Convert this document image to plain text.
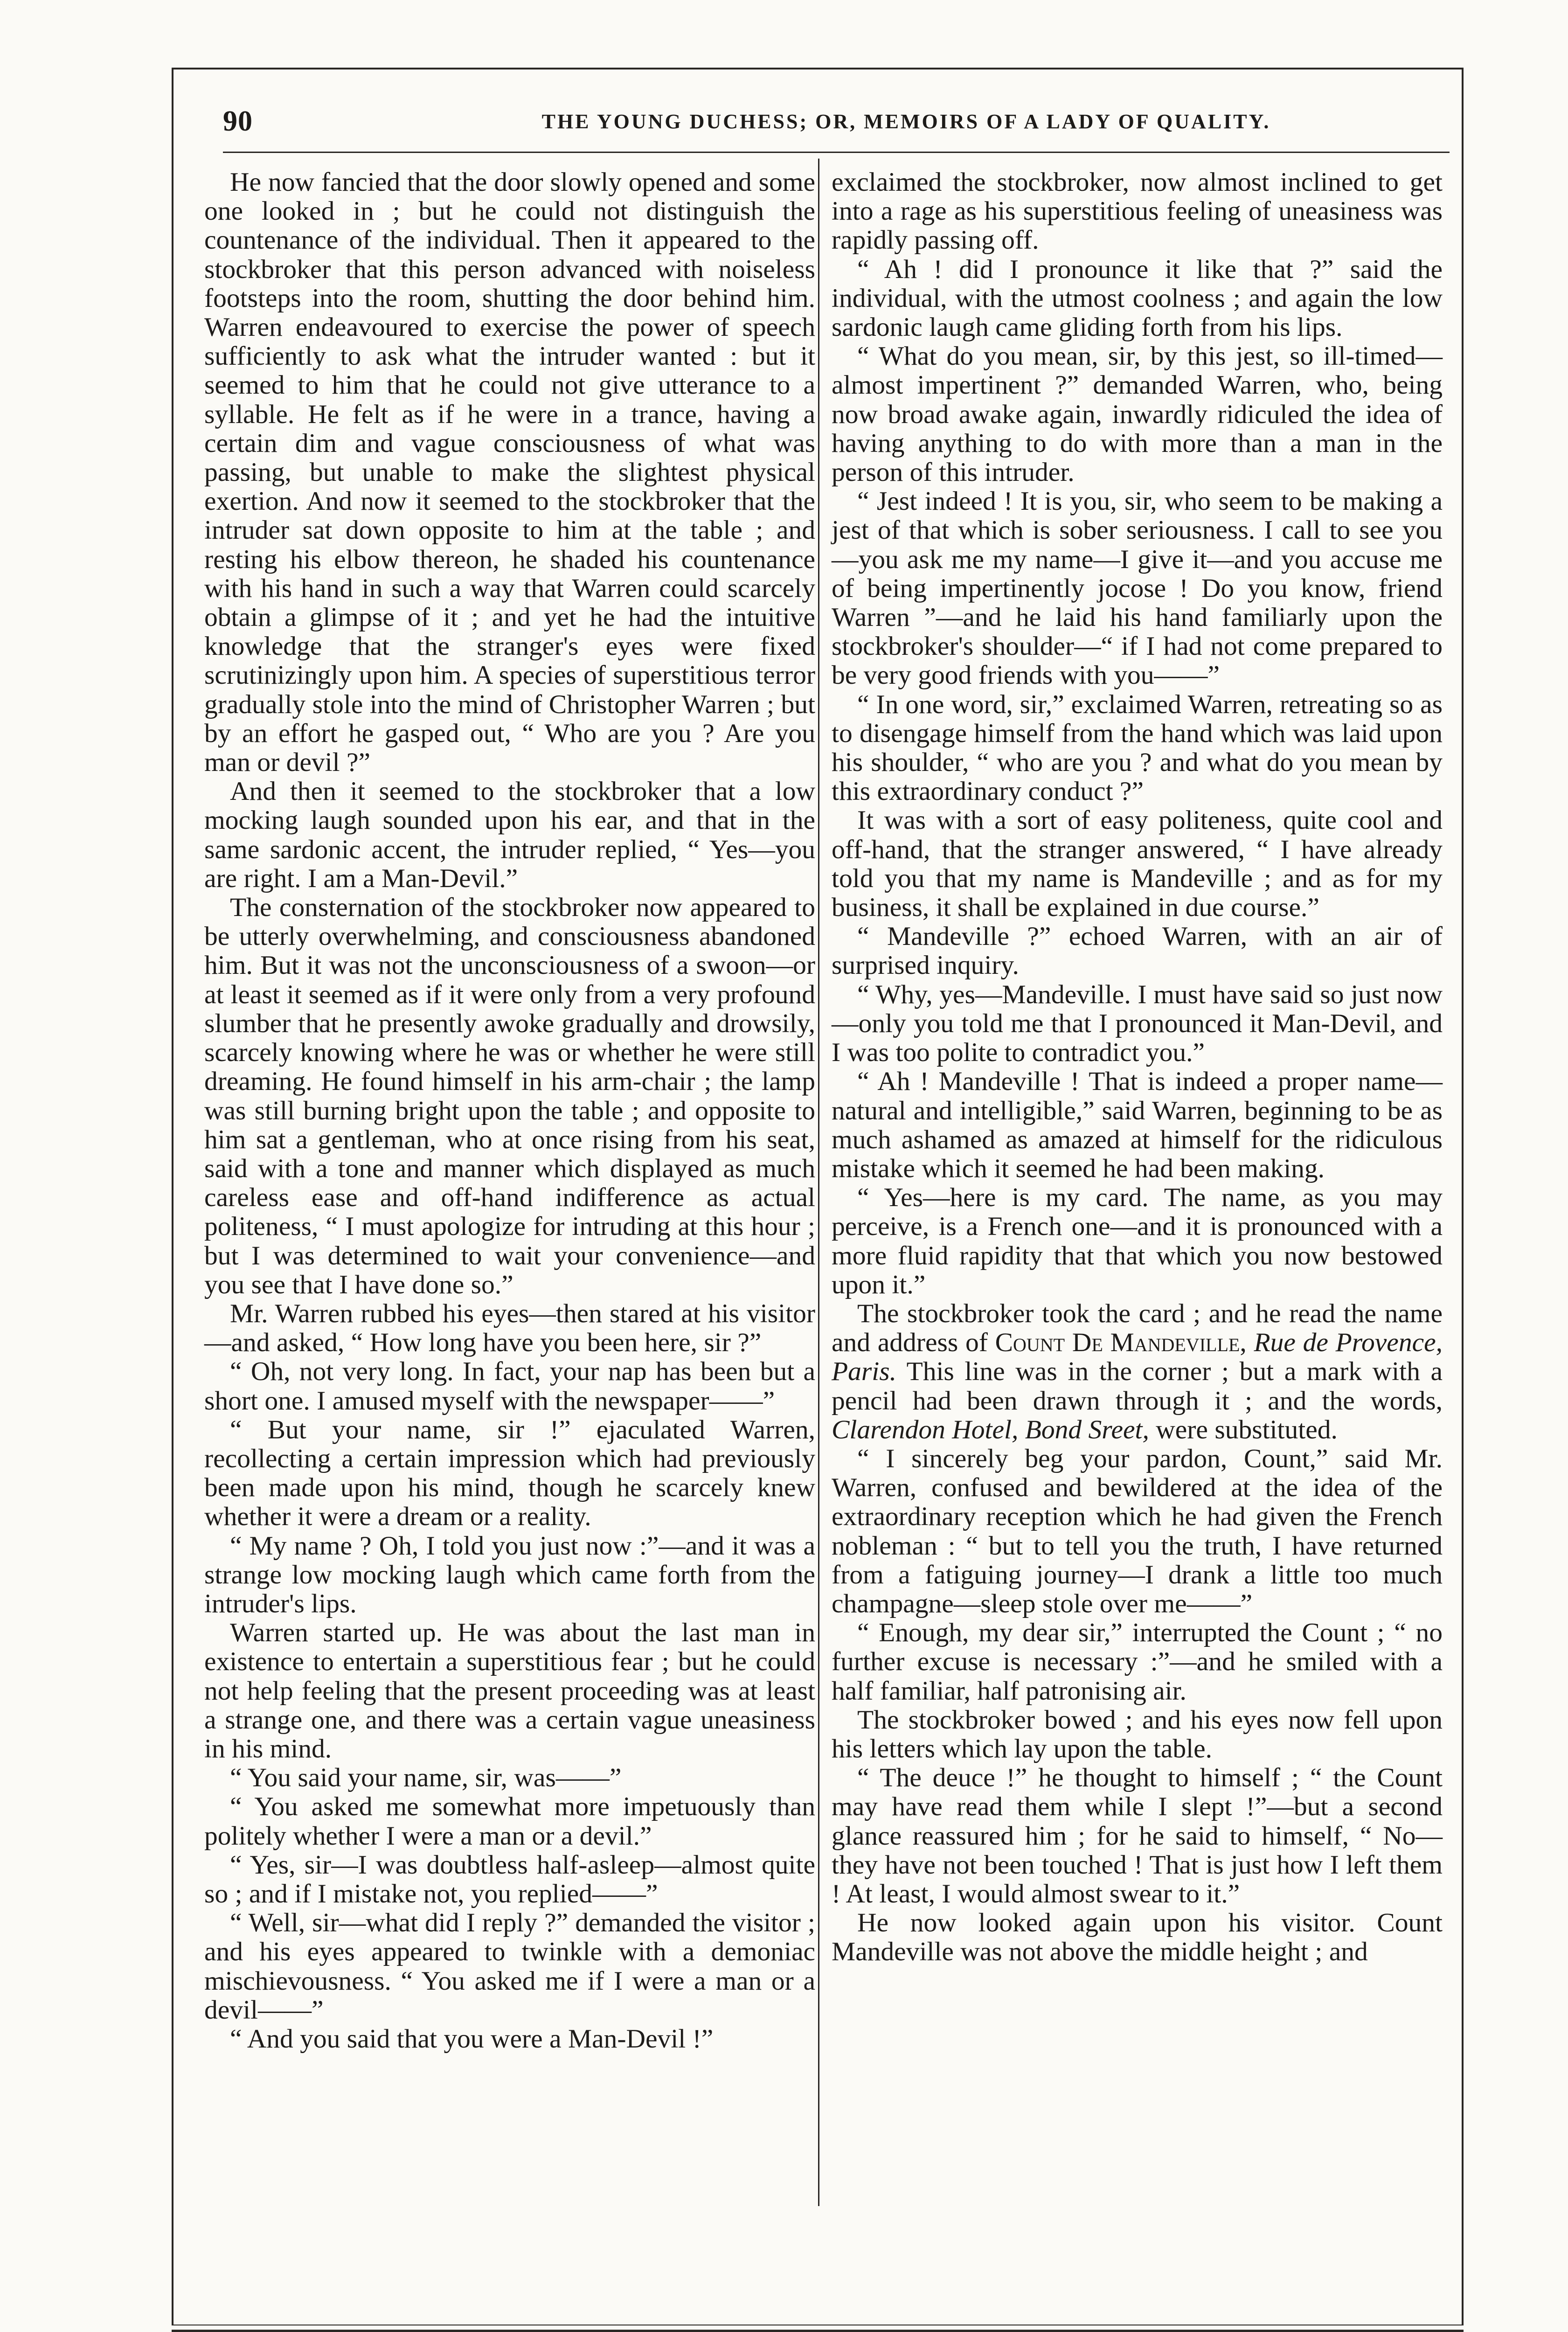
90	THE YOUNG DUCHESS; OR, MEMOIRS OF A LADY OF QUALITY.

He now fancied that the door slowly opened and some one looked in ; but he could not distinguish the countenance of the individual. Then it appeared to the stockbroker that this person advanced with noiseless footsteps into the room, shutting the door behind him. Warren endeavoured to exercise the power of speech sufficiently to ask what the intruder wanted : but it seemed to him that he could not give utterance to a syllable. He felt as if he were in a trance, having a certain dim and vague consciousness of what was passing, but unable to make the slightest physical exertion. And now it seemed to the stockbroker that the intruder sat down opposite to him at the table ; and resting his elbow thereon, he shaded his countenance with his hand in such a way that Warren could scarcely obtain a glimpse of it ; and yet he had the intuitive knowledge that the stranger's eyes were fixed scrutinizingly upon him. A species of superstitious terror gradually stole into the mind of Christopher Warren ; but by an effort he gasped out, “ Who are you ? Are you man or devil ?”

And then it seemed to the stockbroker that a low mocking laugh sounded upon his ear, and that in the same sardonic accent, the intruder replied, “ Yes—you are right. I am a Man-Devil.”

The consternation of the stockbroker now appeared to be utterly overwhelming, and consciousness abandoned him. But it was not the unconsciousness of a swoon—or at least it seemed as if it were only from a very profound slumber that he presently awoke gradually and drowsily, scarcely knowing where he was or whether he were still dreaming. He found himself in his arm-chair ; the lamp was still burning bright upon the table ; and opposite to him sat a gentleman, who at once rising from his seat, said with a tone and manner which displayed as much careless ease and off-hand indifference as actual politeness, “ I must apologize for intruding at this hour ; but I was determined to wait your convenience—and you see that I have done so.”

Mr. Warren rubbed his eyes—then stared at his visitor—and asked, “ How long have you been here, sir ?”

“ Oh, not very long. In fact, your nap has been but a short one. I amused myself with the newspaper——”

“ But your name, sir !” ejaculated Warren, recollecting a certain impression which had previously been made upon his mind, though he scarcely knew whether it were a dream or a reality.

“ My name ? Oh, I told you just now :”—and it was a strange low mocking laugh which came forth from the intruder's lips.

Warren started up. He was about the last man in existence to entertain a superstitious fear ; but he could not help feeling that the present proceeding was at least a strange one, and there was a certain vague uneasiness in his mind.

“ You said your name, sir, was——”

“ You asked me somewhat more impetuously than politely whether I were a man or a devil.”

“ Yes, sir—I was doubtless half-asleep—almost quite so ; and if I mistake not, you replied——”

“ Well, sir—what did I reply ?” demanded the visitor ; and his eyes appeared to twinkle with a demoniac mischievousness. “ You asked me if I were a man or a devil——”

“ And you said that you were a Man-Devil !”

exclaimed the stockbroker, now almost inclined to get into a rage as his superstitious feeling of uneasiness was rapidly passing off.

“ Ah ! did I pronounce it like that ?” said the individual, with the utmost coolness ; and again the low sardonic laugh came gliding forth from his lips.

“ What do you mean, sir, by this jest, so ill-timed—almost impertinent ?” demanded Warren, who, being now broad awake again, inwardly ridiculed the idea of having anything to do with more than a man in the person of this intruder.

“ Jest indeed ! It is you, sir, who seem to be making a jest of that which is sober seriousness. I call to see you—you ask me my name—I give it—and you accuse me of being impertinently jocose ! Do you know, friend Warren ”—and he laid his hand familiarly upon the stockbroker's shoulder—“ if I had not come prepared to be very good friends with you——”

“ In one word, sir,” exclaimed Warren, retreating so as to disengage himself from the hand which was laid upon his shoulder, “ who are you ? and what do you mean by this extraordinary conduct ?”

It was with a sort of easy politeness, quite cool and off-hand, that the stranger answered, “ I have already told you that my name is Mandeville ; and as for my business, it shall be explained in due course.”

“ Mandeville ?” echoed Warren, with an air of surprised inquiry.

“ Why, yes—Mandeville. I must have said so just now—only you told me that I pronounced it Man-Devil, and I was too polite to contradict you.”

“ Ah ! Mandeville ! That is indeed a proper name—natural and intelligible,” said Warren, beginning to be as much ashamed as amazed at himself for the ridiculous mistake which it seemed he had been making.

“ Yes—here is my card. The name, as you may perceive, is a French one—and it is pronounced with a more fluid rapidity that that which you now bestowed upon it.”

The stockbroker took the card ; and he read the name and address of Count De Mandeville, Rue de Provence, Paris. This line was in the corner ; but a mark with a pencil had been drawn through it ; and the words, Clarendon Hotel, Bond Sreet, were substituted.

“ I sincerely beg your pardon, Count,” said Mr. Warren, confused and bewildered at the idea of the extraordinary reception which he had given the French nobleman : “ but to tell you the truth, I have returned from a fatiguing journey—I drank a little too much champagne—sleep stole over me——”

“ Enough, my dear sir,” interrupted the Count ; “ no further excuse is necessary :”—and he smiled with a half familiar, half patronising air.

The stockbroker bowed ; and his eyes now fell upon his letters which lay upon the table.

“ The deuce !” he thought to himself ; “ the Count may have read them while I slept !”—but a second glance reassured him ; for he said to himself, “ No—they have not been touched ! That is just how I left them ! At least, I would almost swear to it.”

He now looked again upon his visitor. Count Mandeville was not above the middle height ; and
